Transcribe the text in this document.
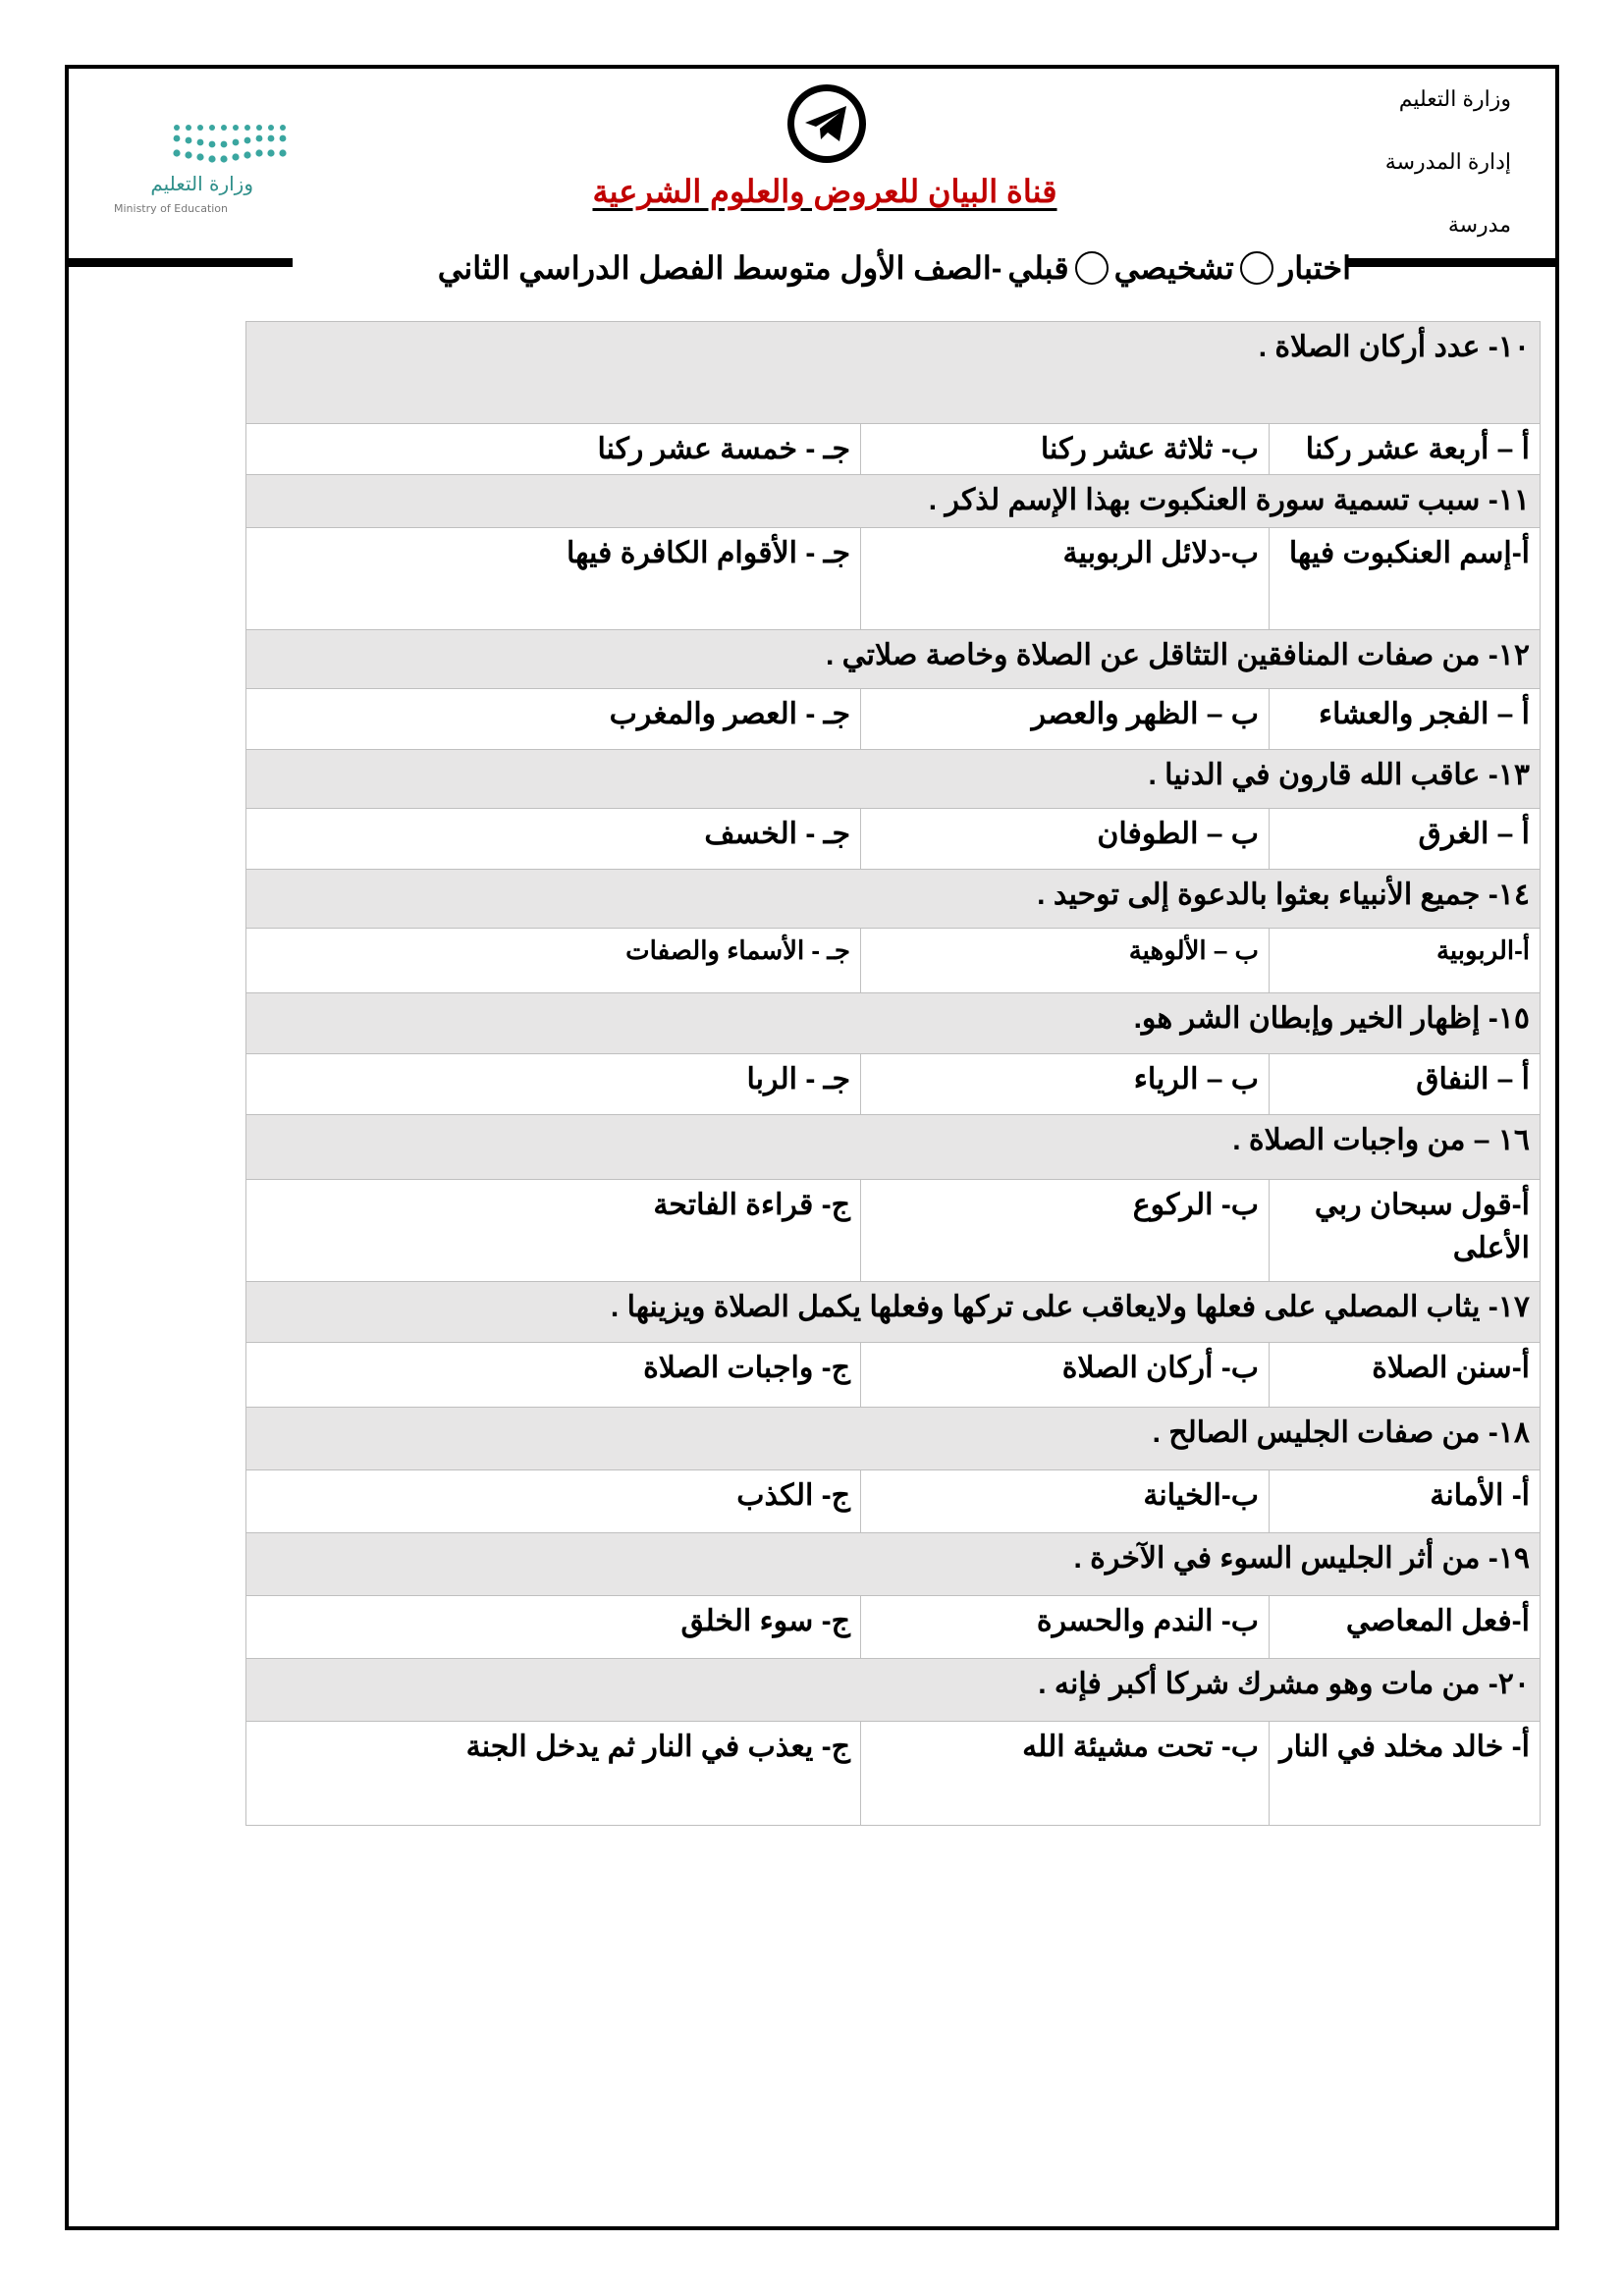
وزارة التعليم
إدارة المدرسة
مدرسة
وزارة التعليم
Ministry of Education	قناة البيان للعروض والعلوم الشرعية
اختبار
تشخيصي
قبلي
-الصف الأول متوسط الفصل الدراسي الثاني
١٠- عدد أركان الصلاة .		
أ – أربعة عشر ركنا	ب- ثلاثة عشر ركنا	جـ - خمسة عشر ركنا
١١- سبب تسمية سورة العنكبوت بهذا الإسم لذكر .		
أ-إسم العنكبوت فيها	ب-دلائل الربوبية	جـ - الأقوام الكافرة فيها
١٢- من صفات المنافقين التثاقل عن الصلاة وخاصة صلاتي .		
أ – الفجر والعشاء	ب – الظهر والعصر	جـ - العصر والمغرب
١٣- عاقب الله قارون في الدنيا .		
أ – الغرق	ب – الطوفان	جـ - الخسف
١٤- جميع الأنبياء بعثوا بالدعوة إلى توحيد .		
أ-الربوبية	ب – الألوهية	جـ - الأسماء والصفات
١٥- إظهار الخير وإبطان الشر هو.		
أ – النفاق	ب – الرياء	جـ - الربا
١٦ – من واجبات الصلاة .		
أ-قول سبحان ربي الأعلى	ب- الركوع	ج- قراءة الفاتحة
١٧- يثاب المصلي على فعلها ولايعاقب على تركها وفعلها يكمل الصلاة ويزينها .		
أ-سنن الصلاة	ب- أركان الصلاة	ج- واجبات الصلاة
١٨- من صفات الجليس الصالح .		
أ- الأمانة	ب-الخيانة	ج- الكذب
١٩- من أثر الجليس السوء في الآخرة .		
أ-فعل المعاصي	ب- الندم والحسرة	ج- سوء الخلق
٢٠- من مات وهو مشرك شركا أكبر فإنه .		
أ- خالد مخلد في النار	ب- تحت مشيئة الله	ج- يعذب في النار ثم يدخل الجنة
